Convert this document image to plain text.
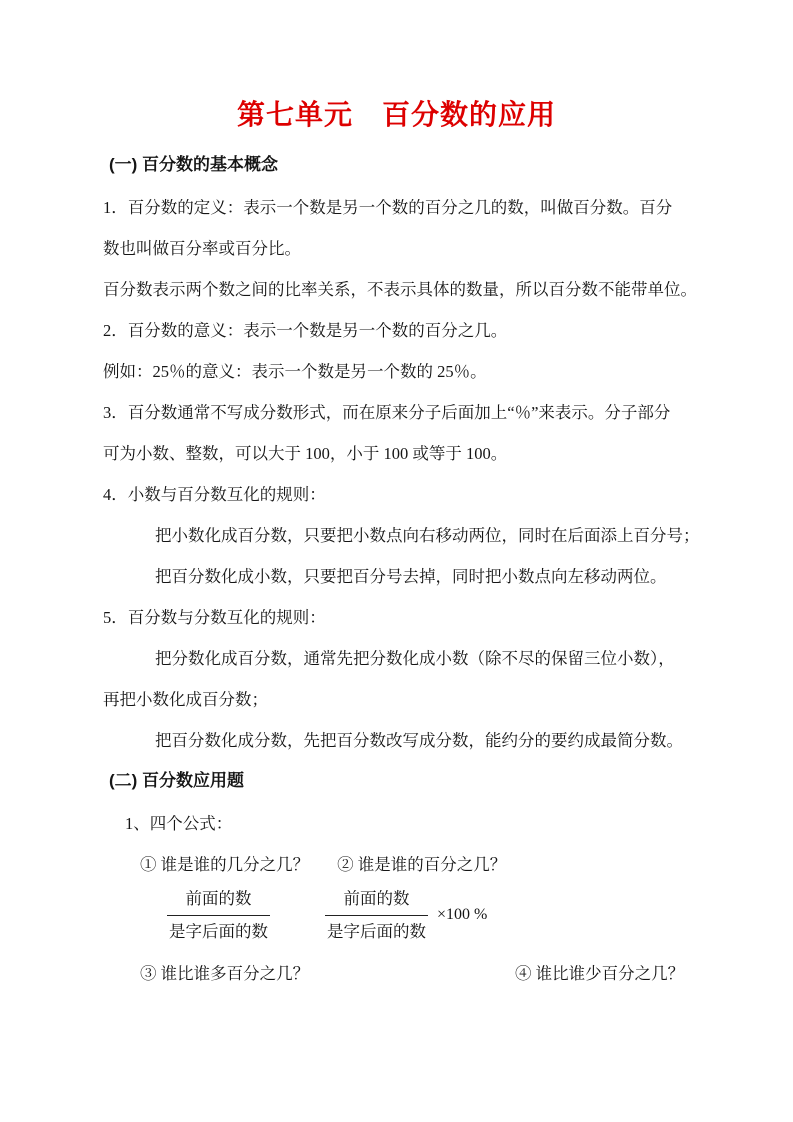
第七单元　百分数的应用
(一) 百分数的基本概念
1．百分数的定义：表示一个数是另一个数的百分之几的数，叫做百分数。百分
数也叫做百分率或百分比。
百分数表示两个数之间的比率关系，不表示具体的数量，所以百分数不能带单位。
2．百分数的意义：表示一个数是另一个数的百分之几。
例如：25％的意义：表示一个数是另一个数的 25％。
3．百分数通常不写成分数形式，而在原来分子后面加上“％”来表示。分子部分
可为小数、整数，可以大于 100，小于 100 或等于 100。
4．小数与百分数互化的规则：
把小数化成百分数，只要把小数点向右移动两位，同时在后面添上百分号；
把百分数化成小数，只要把百分号去掉，同时把小数点向左移动两位。
5．百分数与分数互化的规则：
把分数化成百分数，通常先把分数化成小数（除不尽的保留三位小数），
再把小数化成百分数；
把百分数化成分数，先把百分数改写成分数，能约分的要约成最简分数。
(二) 百分数应用题
1、四个公式：
① 谁是谁的几分之几？ ② 谁是谁的百分之几？
$\frac{\text{前面的数}}{\text{是字后面的数}}$	$\frac{\text{前面的数}}{\text{是字后面的数}} \times 100$ %
③ 谁比谁多百分之几？	④ 谁比谁少百分之几？
